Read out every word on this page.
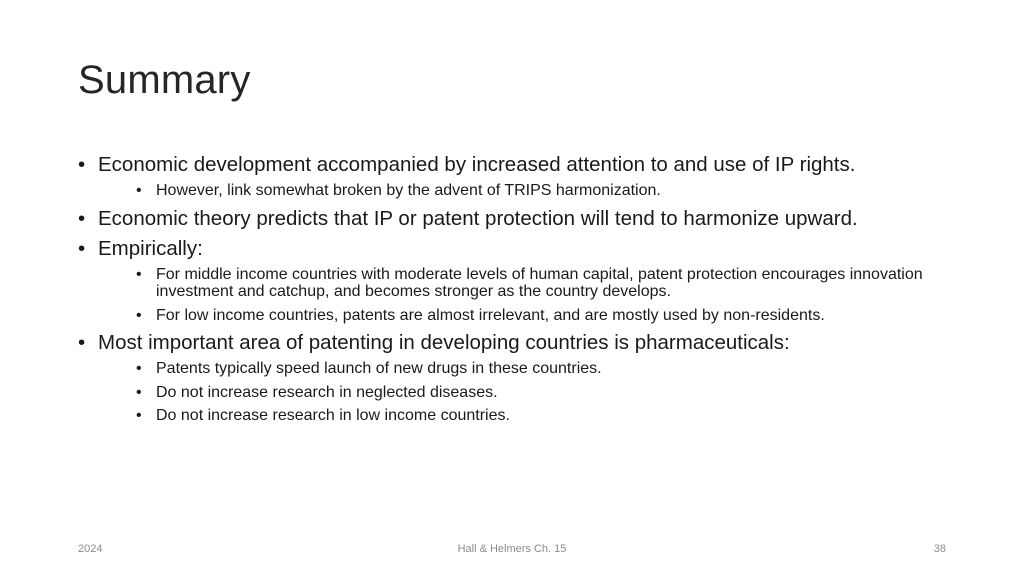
Summary
• Economic development accompanied by increased attention to and use of IP rights.
• However, link somewhat broken by the advent of TRIPS harmonization.
• Economic theory predicts that IP or patent protection will tend to harmonize upward.
• Empirically:
• For middle income countries with moderate levels of human capital, patent protection encourages innovation investment and catchup, and becomes stronger as the country develops.
• For low income countries, patents are almost irrelevant, and are mostly used by non-residents.
• Most important area of patenting in developing countries is pharmaceuticals:
• Patents typically speed launch of new drugs in these countries.
• Do not increase research in neglected diseases.
• Do not increase research in low income countries.
2024	Hall & Helmers Ch. 15	38
